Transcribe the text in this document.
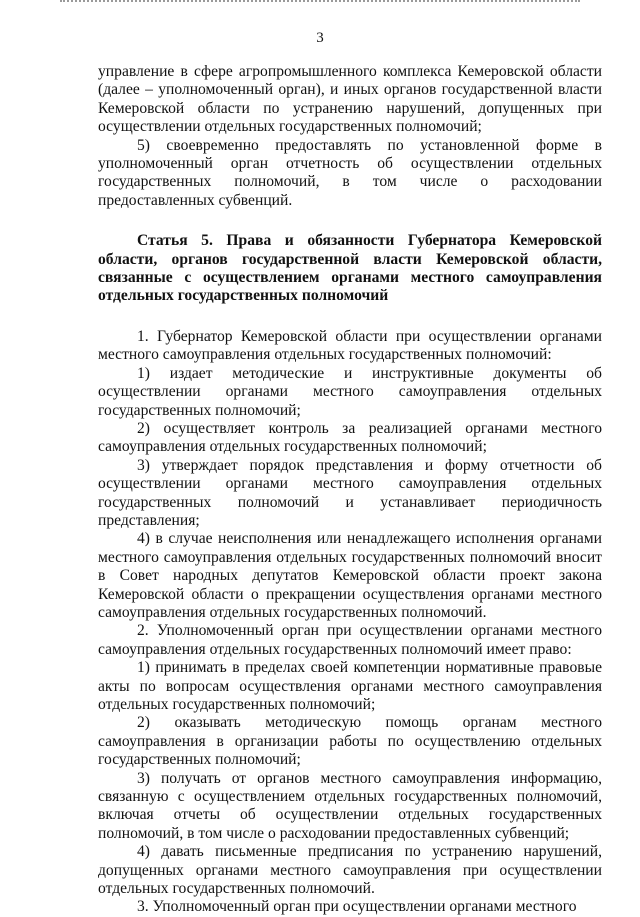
3

управление в сфере агропромышленного комплекса Кемеровской области (далее – уполномоченный орган), и иных органов государственной власти Кемеровской области по устранению нарушений, допущенных при осуществлении отдельных государственных полномочий;

5) своевременно предоставлять по установленной форме в уполномоченный орган отчетность об осуществлении отдельных государственных полномочий, в том числе о расходовании предоставленных субвенций.

Статья 5. Права и обязанности Губернатора Кемеровской области, органов государственной власти Кемеровской области, связанные с осуществлением органами местного самоуправления отдельных государственных полномочий

1. Губернатор Кемеровской области при осуществлении органами местного самоуправления отдельных государственных полномочий:

1) издает методические и инструктивные документы об осуществлении органами местного самоуправления отдельных государственных полномочий;

2) осуществляет контроль за реализацией органами местного самоуправления отдельных государственных полномочий;

3) утверждает порядок представления и форму отчетности об осуществлении органами местного самоуправления отдельных государственных полномочий и устанавливает периодичность представления;

4) в случае неисполнения или ненадлежащего исполнения органами местного самоуправления отдельных государственных полномочий вносит в Совет народных депутатов Кемеровской области проект закона Кемеровской области о прекращении осуществления органами местного самоуправления отдельных государственных полномочий.

2. Уполномоченный орган при осуществлении органами местного самоуправления отдельных государственных полномочий имеет право:

1) принимать в пределах своей компетенции нормативные правовые акты по вопросам осуществления органами местного самоуправления отдельных государственных полномочий;

2) оказывать методическую помощь органам местного самоуправления в организации работы по осуществлению отдельных государственных полномочий;

3) получать от органов местного самоуправления информацию, связанную с осуществлением отдельных государственных полномочий, включая отчеты об осуществлении отдельных государственных полномочий, в том числе о расходовании предоставленных субвенций;

4) давать письменные предписания по устранению нарушений, допущенных органами местного самоуправления при осуществлении отдельных государственных полномочий.

3. Уполномоченный орган при осуществлении органами местного
